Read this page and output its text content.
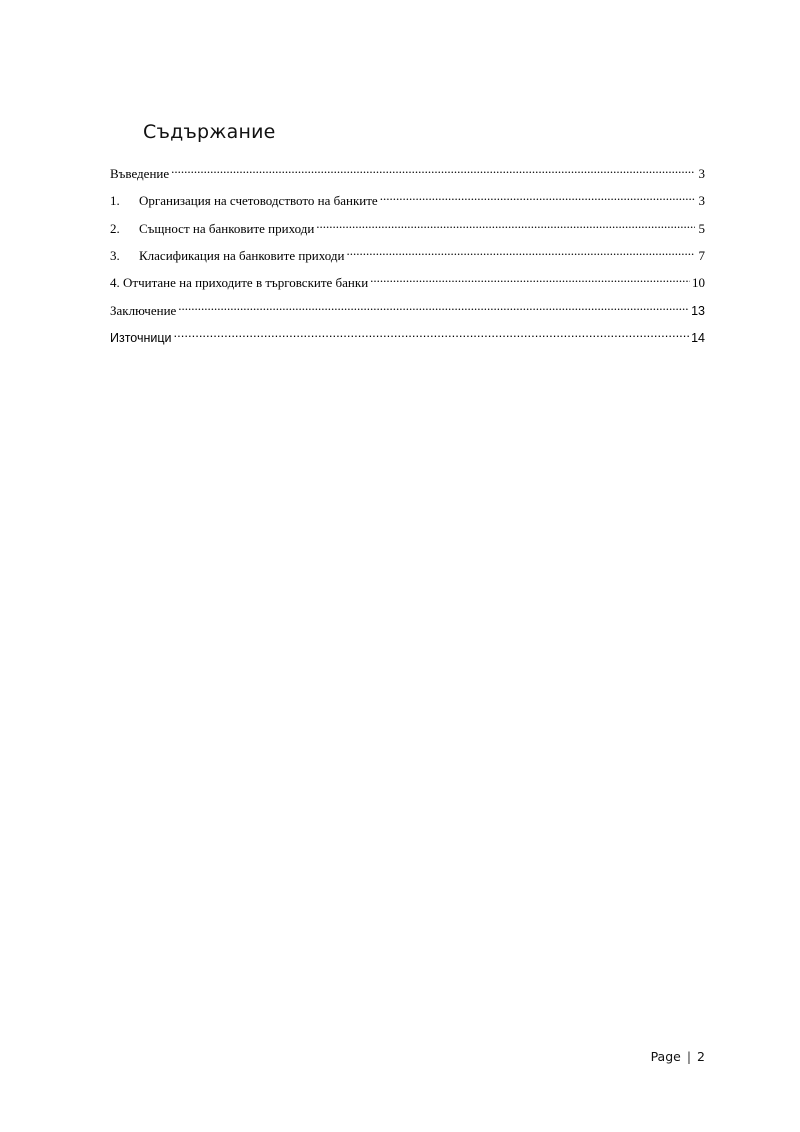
Съдържание
Въведение .....	3
1.	Организация на счетоводството на банките .....	3
2.	Същност на банковите приходи .....	5
3.	Класификация на банковите приходи .....	7
4. Отчитане на приходите в търговските банки .....	10
Заключение .....	13
Източници .....	14
Page | 2
